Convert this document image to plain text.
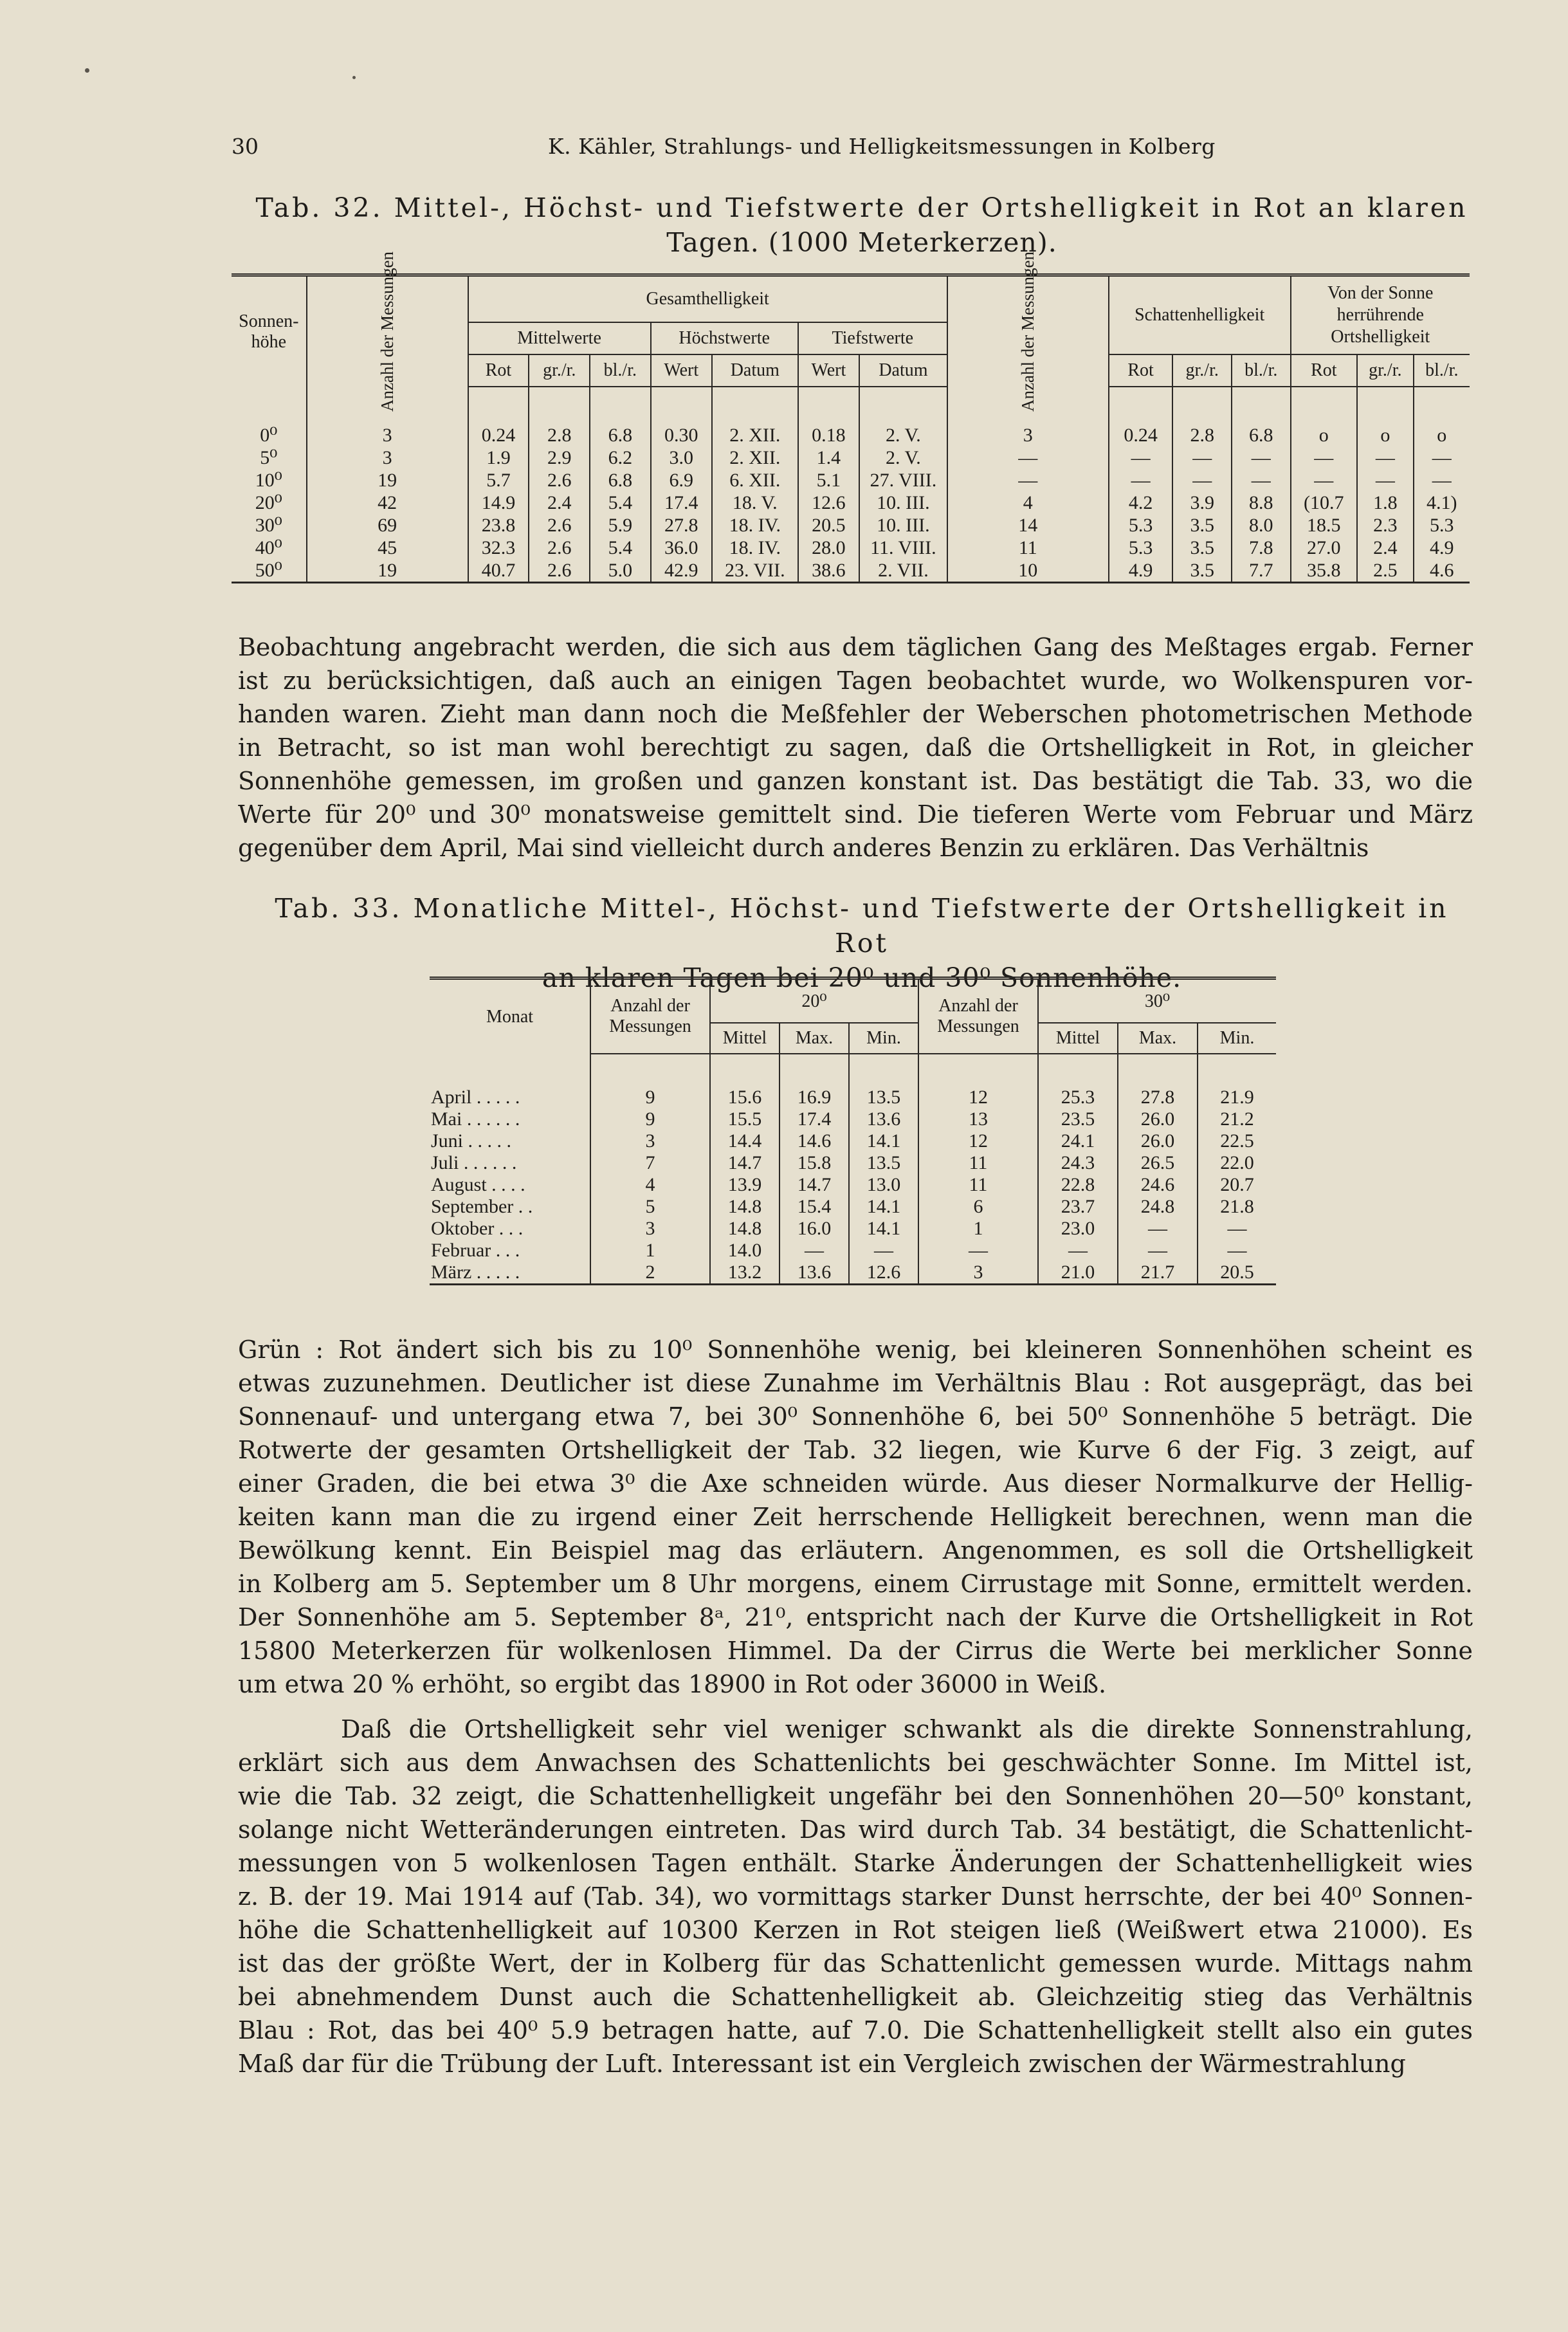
30	K. Kähler, Strahlungs- und Helligkeitsmessungen in Kolberg
Tab. 32. Mittel-, Höchst- und Tiefstwerte der Ortshelligkeit in Rot an klaren
Tagen. (1000 Meterkerzen).
Sonnen-höhe	Anzahl der Messungen	Gesamthelligkeit							Anzahl der Messungen	Schattenhelligkeit			Von der Sonne herrührende Ortshelligkeit		
		Mittelwerte			Höchstwerte		Tiefstwerte								
		Rot	gr./r.	bl./r.	Wert	Datum	Wert	Datum		Rot	gr./r.	bl./r.	Rot	gr./r.	bl./r.
0⁰	3	0.24	2.8	6.8	0.30	2. XII.	0.18	2. V.	3	0.24	2.8	6.8	o	o	o
5⁰	3	1.9	2.9	6.2	3.0	2. XII.	1.4	2. V.	—	—	—	—	—	—	—
10⁰	19	5.7	2.6	6.8	6.9	6. XII.	5.1	27. VIII.	—	—	—	—	—	—	—
20⁰	42	14.9	2.4	5.4	17.4	18. V.	12.6	10. III.	4	4.2	3.9	8.8	(10.7	1.8	4.1)
30⁰	69	23.8	2.6	5.9	27.8	18. IV.	20.5	10. III.	14	5.3	3.5	8.0	18.5	2.3	5.3
40⁰	45	32.3	2.6	5.4	36.0	18. IV.	28.0	11. VIII.	11	5.3	3.5	7.8	27.0	2.4	4.9
50⁰	19	40.7	2.6	5.0	42.9	23. VII.	38.6	2. VII.	10	4.9	3.5	7.7	35.8	2.5	4.6
Beobachtung angebracht werden, die sich aus dem täglichen Gang des Meßtages ergab. Ferner
ist zu berücksichtigen, daß auch an einigen Tagen beobachtet wurde, wo Wolkenspuren vor-
handen waren. Zieht man dann noch die Meßfehler der Weberschen photometrischen Methode
in Betracht, so ist man wohl berechtigt zu sagen, daß die Ortshelligkeit in Rot, in gleicher
Sonnenhöhe gemessen, im großen und ganzen konstant ist. Das bestätigt die Tab. 33, wo die
Werte für 20⁰ und 30⁰ monatsweise gemittelt sind. Die tieferen Werte vom Februar und März
gegenüber dem April, Mai sind vielleicht durch anderes Benzin zu erklären. Das Verhältnis
Tab. 33. Monatliche Mittel-, Höchst- und Tiefstwerte der Ortshelligkeit in Rot
an klaren Tagen bei 20⁰ und 30⁰ Sonnenhöhe.
Monat	Anzahl der Messungen	20⁰			Anzahl der Messungen	30⁰		
		Mittel	Max.	Min.		Mittel	Max.	Min.
April . . . . .	9	15.6	16.9	13.5	12	25.3	27.8	21.9
Mai . . . . . .	9	15.5	17.4	13.6	13	23.5	26.0	21.2
Juni . . . . .	3	14.4	14.6	14.1	12	24.1	26.0	22.5
Juli . . . . . .	7	14.7	15.8	13.5	11	24.3	26.5	22.0
August . . . .	4	13.9	14.7	13.0	11	22.8	24.6	20.7
September . .	5	14.8	15.4	14.1	6	23.7	24.8	21.8
Oktober . . .	3	14.8	16.0	14.1	1	23.0	—	—
Februar . . .	1	14.0	—	—	—	—	—	—
März . . . . .	2	13.2	13.6	12.6	3	21.0	21.7	20.5
Grün : Rot ändert sich bis zu 10⁰ Sonnenhöhe wenig, bei kleineren Sonnenhöhen scheint es
etwas zuzunehmen. Deutlicher ist diese Zunahme im Verhältnis Blau : Rot ausgeprägt, das bei
Sonnenauf- und untergang etwa 7, bei 30⁰ Sonnenhöhe 6, bei 50⁰ Sonnenhöhe 5 beträgt. Die
Rotwerte der gesamten Ortshelligkeit der Tab. 32 liegen, wie Kurve 6 der Fig. 3 zeigt, auf
einer Graden, die bei etwa 3⁰ die Axe schneiden würde. Aus dieser Normalkurve der Hellig-
keiten kann man die zu irgend einer Zeit herrschende Helligkeit berechnen, wenn man die
Bewölkung kennt. Ein Beispiel mag das erläutern. Angenommen, es soll die Ortshelligkeit
in Kolberg am 5. September um 8 Uhr morgens, einem Cirrustage mit Sonne, ermittelt werden.
Der Sonnenhöhe am 5. September 8ᵃ, 21⁰, entspricht nach der Kurve die Ortshelligkeit in Rot
15800 Meterkerzen für wolkenlosen Himmel. Da der Cirrus die Werte bei merklicher Sonne
um etwa 20 % erhöht, so ergibt das 18900 in Rot oder 36000 in Weiß.
Daß die Ortshelligkeit sehr viel weniger schwankt als die direkte Sonnenstrahlung,
erklärt sich aus dem Anwachsen des Schattenlichts bei geschwächter Sonne. Im Mittel ist,
wie die Tab. 32 zeigt, die Schattenhelligkeit ungefähr bei den Sonnenhöhen 20—50⁰ konstant,
solange nicht Wetteränderungen eintreten. Das wird durch Tab. 34 bestätigt, die Schattenlicht-
messungen von 5 wolkenlosen Tagen enthält. Starke Änderungen der Schattenhelligkeit wies
z. B. der 19. Mai 1914 auf (Tab. 34), wo vormittags starker Dunst herrschte, der bei 40⁰ Sonnen-
höhe die Schattenhelligkeit auf 10300 Kerzen in Rot steigen ließ (Weißwert etwa 21000). Es
ist das der größte Wert, der in Kolberg für das Schattenlicht gemessen wurde. Mittags nahm
bei abnehmendem Dunst auch die Schattenhelligkeit ab. Gleichzeitig stieg das Verhältnis
Blau : Rot, das bei 40⁰ 5.9 betragen hatte, auf 7.0. Die Schattenhelligkeit stellt also ein gutes
Maß dar für die Trübung der Luft. Interessant ist ein Vergleich zwischen der Wärmestrahlung
